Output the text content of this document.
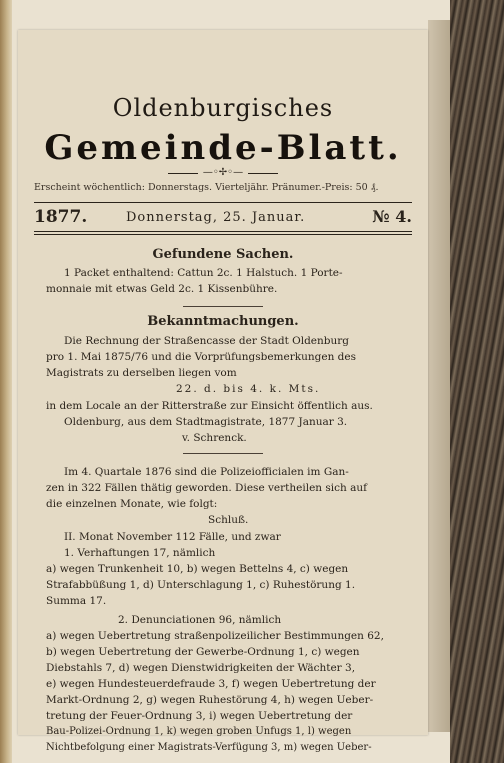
Oldenburgisches
Gemeinde-Blatt.
—◦✢◦—
Erscheint wöchentlich: Donnerstags. Vierteljähr. Pränumer.-Preis: 50 ₰.
1877.	Donnerstag, 25. Januar.	№ 4.
Gefundene Sachen.
1 Packet enthaltend: Cattun 2c. 1 Halstuch. 1 Porte-
monnaie mit etwas Geld 2c. 1 Kissenbühre.
Bekanntmachungen.
Die Rechnung der Straßencasse der Stadt Oldenburg
pro 1. Mai 1875/76 und die Vorprüfungsbemerkungen des
Magistrats zu derselben liegen vom
22. d. bis 4. k. Mts.
in dem Locale an der Ritterstraße zur Einsicht öffentlich aus.
Oldenburg, aus dem Stadtmagistrate, 1877 Januar 3.
v. Schrenck.
Im 4. Quartale 1876 sind die Polizeiofficialen im Gan-
zen in 322 Fällen thätig geworden. Diese vertheilen sich auf
die einzelnen Monate, wie folgt:
Schluß.
II. Monat November 112 Fälle, und zwar
1. Verhaftungen 17, nämlich
a) wegen Trunkenheit 10, b) wegen Bettelns 4, c) wegen
Strafabbüßung 1, d) Unterschlagung 1, c) Ruhestörung 1.
Summa 17.
2. Denunciationen 96, nämlich
a) wegen Uebertretung straßenpolizeilicher Bestimmungen 62,
b) wegen Uebertretung der Gewerbe-Ordnung 1, c) wegen
Diebstahls 7, d) wegen Dienstwidrigkeiten der Wächter 3,
e) wegen Hundesteuerdefraude 3, f) wegen Uebertretung der
Markt-Ordnung 2, g) wegen Ruhestörung 4, h) wegen Ueber-
tretung der Feuer-Ordnung 3, i) wegen Uebertretung der
Bau-Polizei-Ordnung 1, k) wegen groben Unfugs 1, l) wegen
Nichtbefolgung einer Magistrats-Verfügung 3, m) wegen Ueber-
